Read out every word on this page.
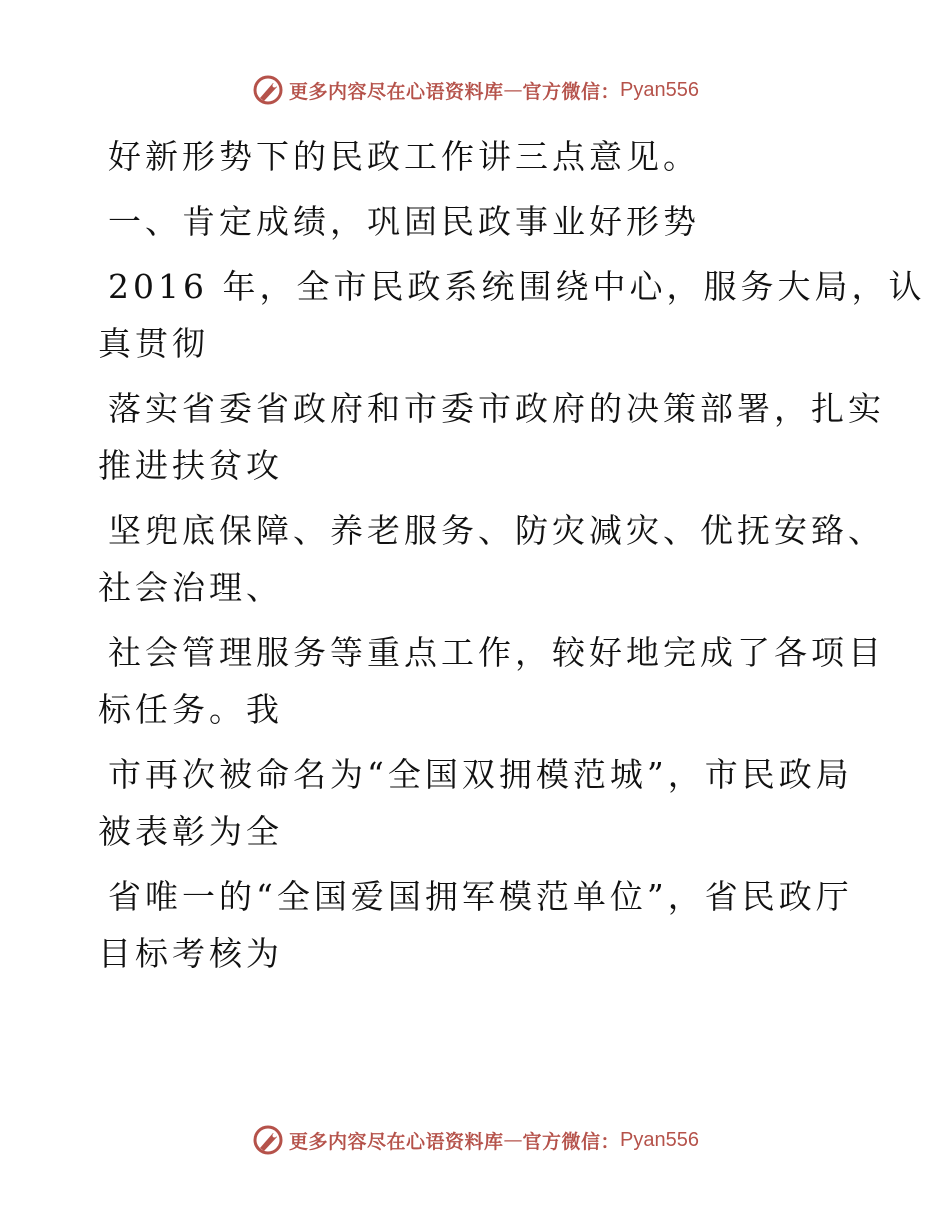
更多内容尽在心语资料库 — 官方微信： Pyan556

好新形势下的民政工作讲三点意见。

一、肯定成绩，巩固民政事业好形势

2016 年，全市民政系统围绕中心，服务大局，认

真贯彻

落实省委省政府和市委市政府的决策部署，扎实

推进扶贫攻

坚兜底保障、养老服务、防灾减灾、优抚安臵、

社会治理、

社会管理服务等重点工作，较好地完成了各项目

标任务。我

市再次被命名为“全国双拥模范城”，市民政局

被表彰为全

省唯一的“全国爱国拥军模范单位”，省民政厅

目标考核为

更多内容尽在心语资料库 — 官方微信： Pyan556
